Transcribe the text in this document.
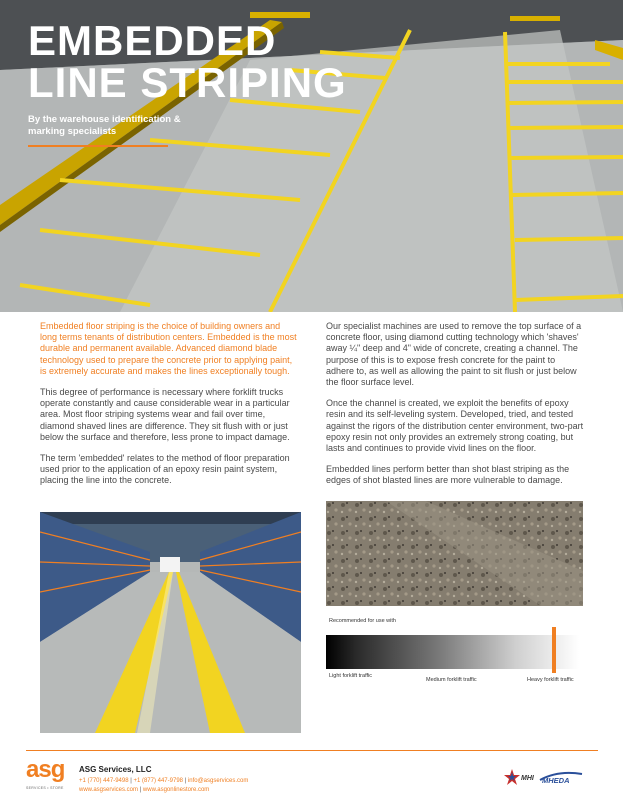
EMBEDDED
LINE STRIPING
By the warehouse identification & marking specialists

Embedded floor striping is the choice of building owners and long terms tenants of distribution centers. Embedded is the most durable and permanent available. Advanced diamond blade technology used to prepare the concrete prior to applying paint, is extremely accurate and makes the lines exceptionally tough.

This degree of performance is necessary where forklift trucks operate constantly and cause considerable wear in a particular area. Most floor striping systems wear and fail over time, diamond shaved lines are difference. They sit flush with or just below the surface and therefore, less prone to impact damage.

The term 'embedded' relates to the method of floor preparation used prior to the application of an epoxy resin paint system, placing the line into the concrete.

Our specialist machines are used to remove the top surface of a concrete floor, using diamond cutting technology which 'shaves' away ¼" deep and 4" wide of concrete, creating a channel. The purpose of this is to expose fresh concrete for the paint to adhere to, as well as allowing the paint to sit flush or just below the floor surface level.

Once the channel is created, we exploit the benefits of epoxy resin and its self-leveling system. Developed, tried, and tested against the rigors of the distribution center environment, two-part epoxy resin not only provides an extremely strong coating, but lasts and continues to provide vivid lines on the floor.

Embedded lines perform better than shot blast striping as the edges of shot blasted lines are more vulnerable to damage.

Recommended for use with
Light forklift traffic
Medium forklift traffic	Heavy forklift traffic
asg
SERVICES • STORE
ASG Services, LLC
+1 (770) 447-9498 | +1 (877) 447-9798 | info@asgservices.com
www.asgservices.com | www.asgonlinestore.com
MHI MHEDA
